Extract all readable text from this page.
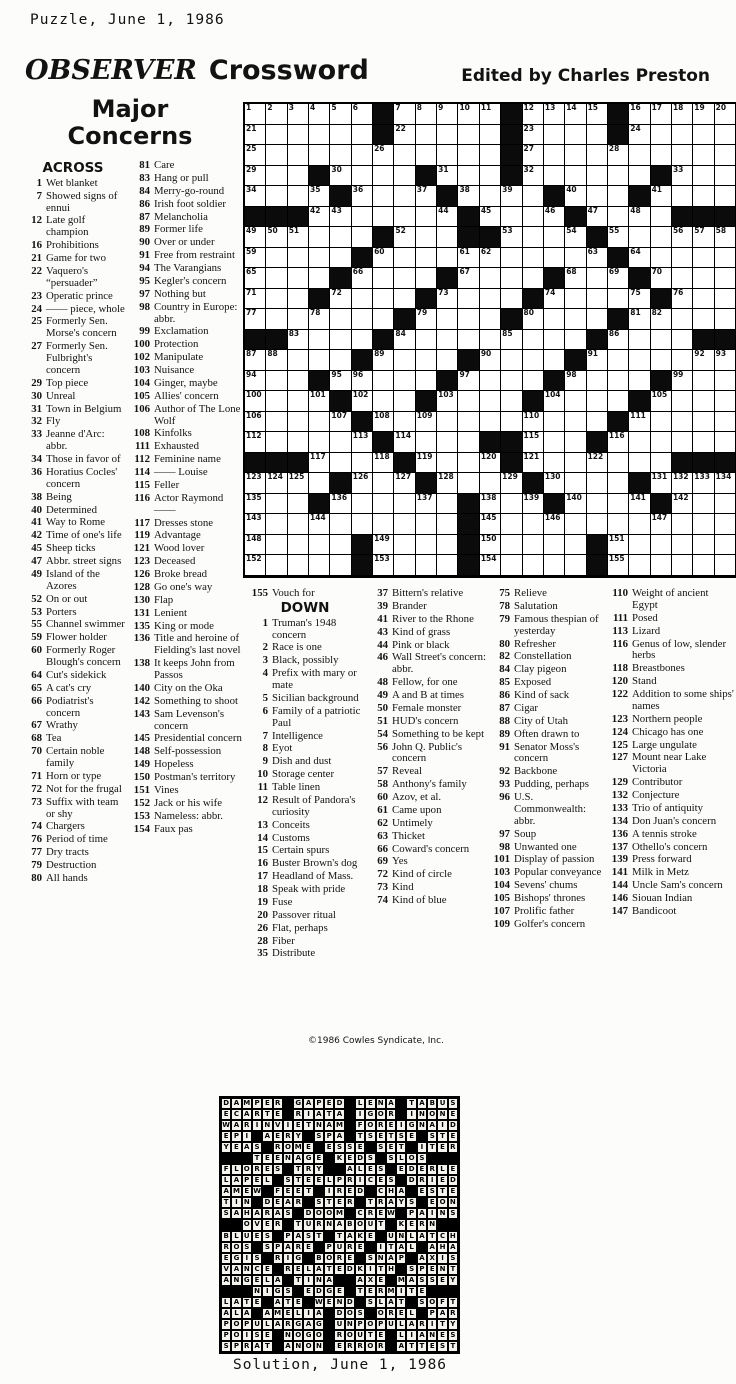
Puzzle, June 1, 1986
OBSERVER Crossword	Edited by Charles Preston
Major Concerns
ACROSS
1 Wet blanket
7 Showed signs of ennui
12 Late golf champion
16 Prohibitions
21 Game for two
22 Vaquero's “persuader”
23 Operatic prince
24 —— piece, whole
25 Formerly Sen. Morse's concern
27 Formerly Sen. Fulbright's concern
29 Top piece
30 Unreal
31 Town in Belgium
32 Fly
33 Jeanne d'Arc: abbr.
34 Those in favor of
36 Horatius Cocles' concern
38 Being
40 Determined
41 Way to Rome
42 Time of one's life
45 Sheep ticks
47 Abbr. street signs
49 Island of the Azores
52 On or out
53 Porters
55 Channel swimmer
59 Flower holder
60 Formerly Roger Blough's concern
64 Cut's sidekick
65 A cat's cry
66 Podiatrist's concern
67 Wrathy
68 Tea
70 Certain noble family
71 Horn or type
72 Not for the frugal
73 Suffix with team or shy
74 Chargers
76 Period of time
77 Dry tracts
79 Destruction
80 All hands
81 Care
83 Hang or pull
84 Merry-go-round
86 Irish foot soldier
87 Melancholia
89 Former life
90 Over or under
91 Free from restraint
94 The Varangians
95 Kegler's concern
97 Nothing but
98 Country in Europe: abbr.
99 Exclamation
100 Protection
102 Manipulate
103 Nuisance
104 Ginger, maybe
105 Allies' concern
106 Author of The Lone Wolf
108 Kinfolks
111 Exhausted
112 Feminine name
114 —— Louise
115 Feller
116 Actor Raymond ——
117 Dresses stone
119 Advantage
121 Wood lover
123 Deceased
126 Broke bread
128 Go one's way
130 Flap
131 Lenient
135 King or mode
136 Title and heroine of Fielding's last novel
138 It keeps John from Passos
140 City on the Oka
142 Something to shoot
143 Sam Levenson's concern
145 Presidential concern
148 Self-possession
149 Hopeless
150 Postman's territory
151 Vines
152 Jack or his wife
153 Nameless: abbr.
154 Faux pas
1 2 3 4 5 6	7 8 9 10 11	12 13 14 15	16 17 18 19 20
21	22	23	24
25	26	27	28
29	30	31	32	33
34	35	36	37	38	39	40	41
42 43	44	45	46	47	48
49 50 51	52	53	54	55	56 57 58
59	60	61 62	63	64
65	66	67	68	69	70
71	72	73	74	75	76
77	78	79	80	81 82
83	84	85	86
87 88	89	90	91	92 93
94	95 96	97	98	99
100	101	102	103	104	105
106	107	108	109	110	111
112	113	114	115	116
117	118	119	120	121	122
123 124 125	126	127	128	129	130	131 132 133 134
135	136	137	138	139	140	141	142
143	144	145	146	147
148	149	150	151
152	153	154	155
155 Vouch for
DOWN
1 Truman's 1948 concern
2 Race is one
3 Black, possibly
4 Prefix with mary or mate
5 Sicilian background
6 Family of a patriotic Paul
7 Intelligence
8 Eyot
9 Dish and dust
10 Storage center
11 Table linen
12 Result of Pandora's curiosity
13 Conceits
14 Customs
15 Certain spurs
16 Buster Brown's dog
17 Headland of Mass.
18 Speak with pride
19 Fuse
20 Passover ritual
26 Flat, perhaps
28 Fiber
35 Distribute
37 Bittern's relative
39 Brander
41 River to the Rhone
43 Kind of grass
44 Pink or black
46 Wall Street's concern: abbr.
48 Fellow, for one
49 A and B at times
50 Female monster
51 HUD's concern
54 Something to be kept
56 John Q. Public's concern
57 Reveal
58 Anthony's family
60 Azov, et al.
61 Came upon
62 Untimely
63 Thicket
66 Coward's concern
69 Yes
72 Kind of circle
73 Kind
74 Kind of blue
75 Relieve
78 Salutation
79 Famous thespian of yesterday
80 Refresher
82 Constellation
84 Clay pigeon
85 Exposed
86 Kind of sack
87 Cigar
88 City of Utah
89 Often drawn to
91 Senator Moss's concern
92 Backbone
93 Pudding, perhaps
96 U.S. Commonwealth: abbr.
97 Soup
98 Unwanted one
101 Display of passion
103 Popular conveyance
104 Sevens' chums
105 Bishops' thrones
107 Prolific father
109 Golfer's concern
110 Weight of ancient Egypt
111 Posed
113 Lizard
116 Genus of low, slender herbs
118 Breastbones
120 Stand
122 Addition to some ships' names
123 Northern people
124 Chicago has one
125 Large ungulate
127 Mount near Lake Victoria
129 Contributor
132 Conjecture
133 Trio of antiquity
134 Don Juan's concern
136 A tennis stroke
137 Othello's concern
139 Press forward
141 Milk in Metz
144 Uncle Sam's concern
146 Siouan Indian
147 Bandicoot
©1986 Cowles Syndicate, Inc.
D A M P E R	G A P E D	L E N A	T A B U S
E C A R T E	R I A T A	I G O R	I N O N E
W A R I N V I E T N A M	F O R E I G N A I D
E P I	A E R Y	S P A	T S E T S E	S T E
Y E A S	R O M E	E S S E	S E T	I T E R
T E E N A G E	K E D S	S L O S
F L O R E S	T R Y	A L E S	E D E R L E
L A P E L	S T E E L P R I C E S	D R I E D
A M E W	F E E T	I R E D	C H A	E S T E
T I N	D E A R	S T E R	T R A Y S	E O N
S A H A R A S	D O O M	C R E W	P A I N S
O V E R	T U R N A B O U T	K E R N
B L U E S	P A S T	T A K E	U N L A T C H
R O S	S P A R E	P U R E	I T A L	A H A
E G I S	R I G	B O R E	S N A P	A X I S
V A N C E	R E L A T E D K I T H	S P E N T
A N G E L A	T I N A	A X E	M A S S E Y
N I G S	E D G E	T E R M I T E
L A T E	A T E	W E N D	S L A T	S O F T
A L A	A M E L I A	D O S	O R E L	P A R
P O P U L A R G A G	U N P O P U L A R I T Y
P O I S E	N O G O	R O U T E	L I A N E S
S P R A T	A N O N	E R R O R	A T T E S T
Solution, June 1, 1986
